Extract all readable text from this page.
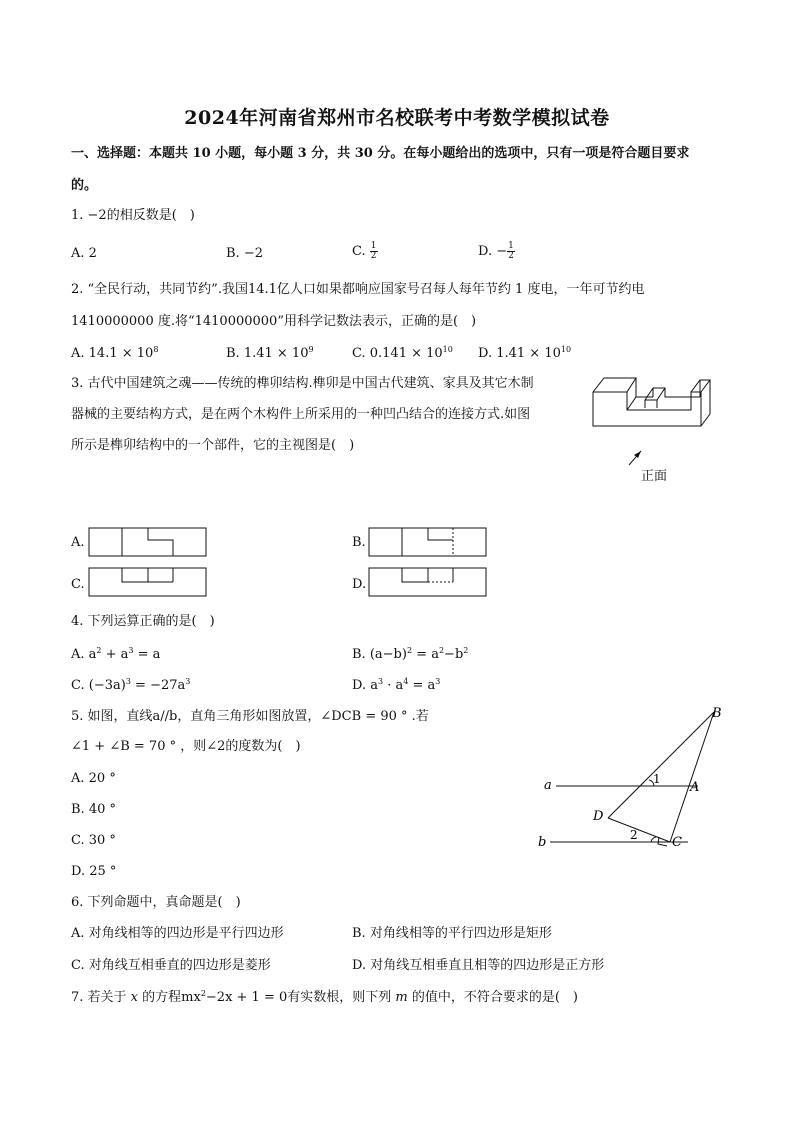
2024年河南省郑州市名校联考中考数学模拟试卷
一、选择题：本题共 10 小题，每小题 3 分，共 30 分。在每小题给出的选项中，只有一项是符合题目要求
的。
1. −2的相反数是(　)
A. 2	B. −2	C. $\frac{1}{2}$	D. − $\frac{1}{2}$
2. “全民行动，共同节约”.我国14.1亿人口如果都响应国家号召每人每年节约 1 度电，一年可节约电
1410000000 度.将“1410000000”用科学记数法表示，正确的是(　)
A. $14.1 \times 10^8$	B. $1.41 \times 10^9$	C. $0.141 \times 10^{10}$ D. $1.41 \times 10^{10}$
3. 古代中国建筑之魂——传统的榫卯结构.榫卯是中国古代建筑、家具及其它木制
器械的主要结构方式，是在两个木构件上所采用的一种凹凸结合的连接方式.如图
所示是榫卯结构中的一个部件，它的主视图是(　)
正面
A.	B.
C.	D.
4. 下列运算正确的是(　)
A. $a^2 + a^3 = a$	B. $(a-b)^2 = a^2-b^2$
C. $(-3a)^3 = -27a^3$	D. $a^3 \cdot a^4 = a^3$
5. 如图，直线a//b，直角三角形如图放置，∠DCB = 90 ° .若
∠1 + ∠B = 70 ° ，则∠2的度数为(　)
A. 20 °
B. 40 °
C. 30 °
D. 25 °
B
a	1
A
D
2
b	C
6. 下列命题中，真命题是(　)
A. 对角线相等的四边形是平行四边形	B. 对角线相等的平行四边形是矩形
C. 对角线互相垂直的四边形是菱形	D. 对角线互相垂直且相等的四边形是正方形
7. 若关于 x 的方程$mx^2-2x + 1 = 0$有实数根，则下列 m 的值中，不符合要求的是(　)
